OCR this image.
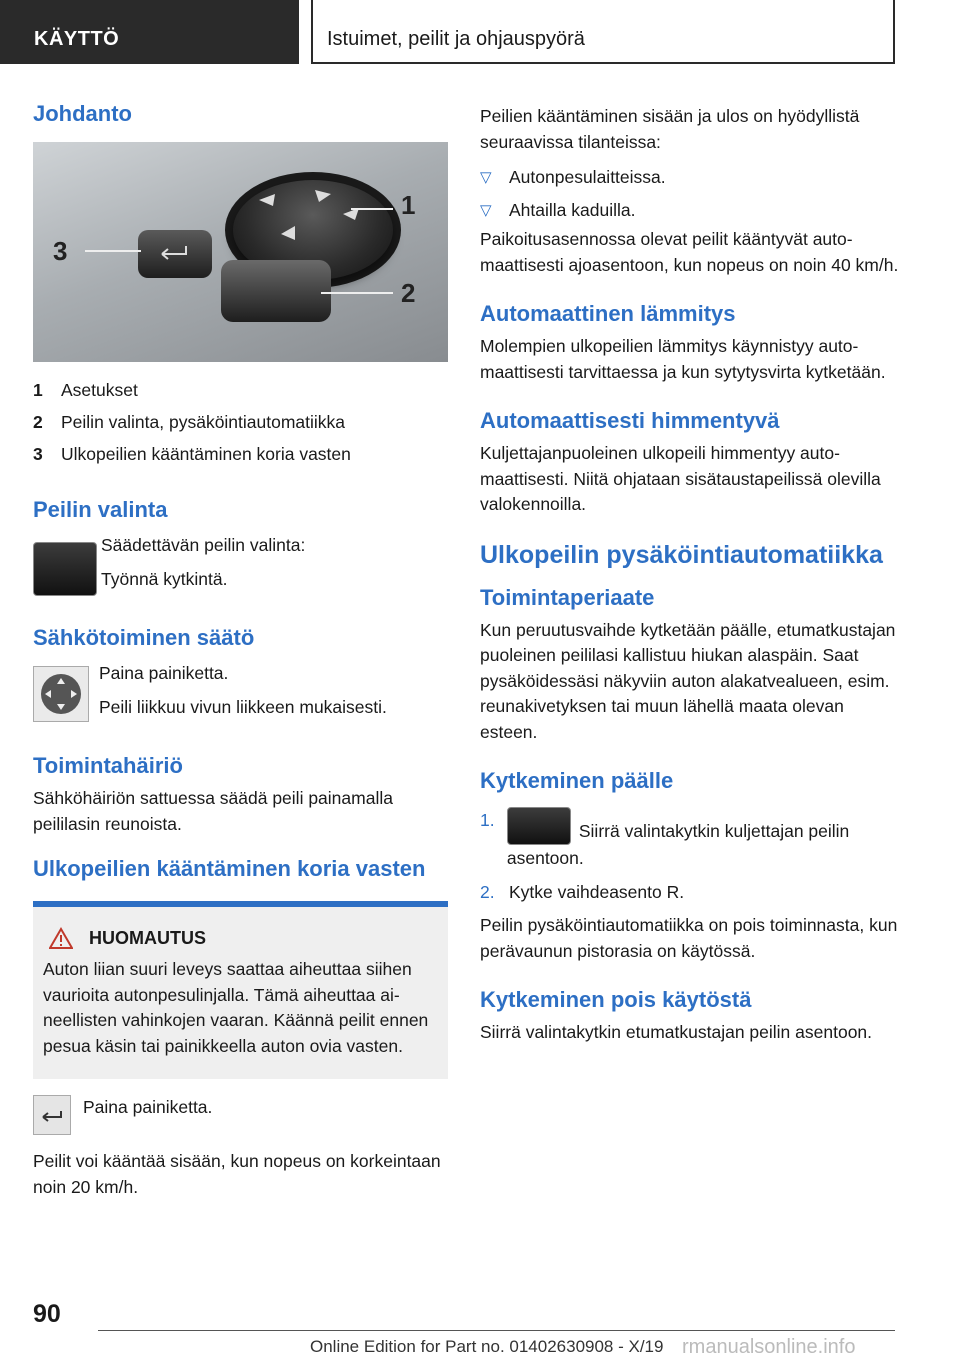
KÄYTTÖ	Istuimet, peilit ja ohjauspyörä
Johdanto
1
2
3
1	Asetukset
2	Peilin valinta, pysäköintiautomatiikka
3	Ulkopeilien kääntäminen koria vasten
Peilin valinta

Säädettävän peilin valinta:

Työnnä kytkintä.

Sähkötoiminen säätö

Paina painiketta.

Peili liikkuu vivun liikkeen mukaisesti.

Toimintahäiriö

Sähköhäiriön sattuessa säädä peili painamalla peililasin reunoista.

Ulkopeilien kääntäminen koria vasten
HUOMAUTUS

Auton liian suuri leveys saattaa aiheuttaa siihen vaurioita autonpesulinjalla. Tämä aiheuttaa aineellisten vahinkojen vaaran. Käännä peilit ennen pesua käsin tai painikkeella auton ovia vasten.

Paina painiketta.

Peilit voi kääntää sisään, kun nopeus on korkeintaan noin 20 km/h.

Peilien kääntäminen sisään ja ulos on hyödyllistä seuraavissa tilanteissa:

▽ Autonpesulaitteissa.
▽ Ahtailla kaduilla.

Paikoitusasennossa olevat peilit kääntyvät automaattisesti ajoasentoon, kun nopeus on noin 40 km/h.

Automaattinen lämmitys

Molempien ulkopeilien lämmitys käynnistyy automaattisesti tarvittaessa ja kun sytytysvirta kytketään.

Automaattisesti himmentyvä

Kuljettajanpuoleinen ulkopeili himmentyy automaattisesti. Niitä ohjataan sisätaustapeilissä olevilla valokennoilla.

Ulkopeilin pysäköintiautomatiikka
Toimintaperiaate

Kun peruutusvaihde kytketään päälle, etumatkustajan puoleinen peililasi kallistuu hiukan alaspäin. Saat pysäköidessäsi näkyviin auton alakatvealueen, esim. reunakivetyksen tai muun lähellä maata olevan esteen.

Kytkeminen päälle
1.
Siirrä valintakytkin kuljettajan peilin asentoon.
2. Kytke vaihdeasento R.

Peilin pysäköintiautomatiikka on pois toiminnasta, kun perävaunun pistorasia on käytössä.

Kytkeminen pois käytöstä

Siirrä valintakytkin etumatkustajan peilin asentoon.

90
Online Edition for Part no. 01402630908 - X/19 rmanualsonline.info
